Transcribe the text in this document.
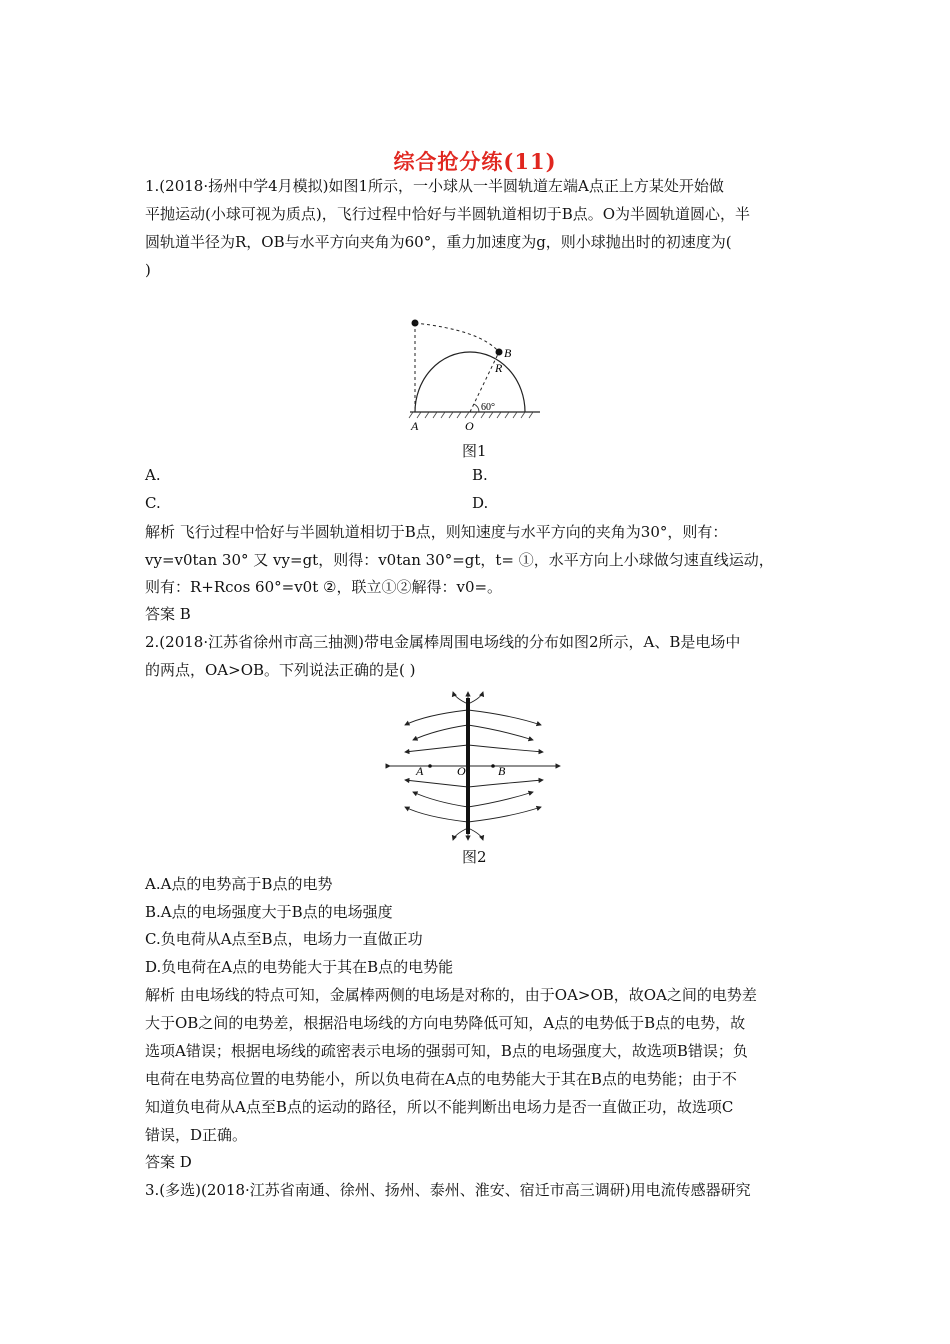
综合抢分练(11)
1.(2018·扬州中学4月模拟)如图1所示，一小球从一半圆轨道左端A点正上方某处开始做
平抛运动(小球可视为质点)，飞行过程中恰好与半圆轨道相切于B点。O为半圆轨道圆心，半
圆轨道半径为R，OB与水平方向夹角为60°，重力加速度为g，则小球抛出时的初速度为(
)
B
R
60°
A	O
图1
A.	B.
C.	D.
解析 飞行过程中恰好与半圆轨道相切于B点，则知速度与水平方向的夹角为30°，则有：
vy=v0tan 30° 又 vy=gt，则得：v0tan 30°=gt，t= ①，水平方向上小球做匀速直线运动，
则有：R+Rcos 60°=v0t ②，联立①②解得：v0=。
答案 B
2.(2018·江苏省徐州市高三抽测)带电金属棒周围电场线的分布如图2所示，A、B是电场中
的两点，OA>OB。下列说法正确的是( )
A	O	B
图2
A.A点的电势高于B点的电势
B.A点的电场强度大于B点的电场强度
C.负电荷从A点至B点，电场力一直做正功
D.负电荷在A点的电势能大于其在B点的电势能
解析 由电场线的特点可知，金属棒两侧的电场是对称的，由于OA>OB，故OA之间的电势差
大于OB之间的电势差，根据沿电场线的方向电势降低可知，A点的电势低于B点的电势，故
选项A错误；根据电场线的疏密表示电场的强弱可知，B点的电场强度大，故选项B错误；负
电荷在电势高位置的电势能小，所以负电荷在A点的电势能大于其在B点的电势能；由于不
知道负电荷从A点至B点的运动的路径，所以不能判断出电场力是否一直做正功，故选项C
错误，D正确。
答案 D
3.(多选)(2018·江苏省南通、徐州、扬州、泰州、淮安、宿迁市高三调研)用电流传感器研究
